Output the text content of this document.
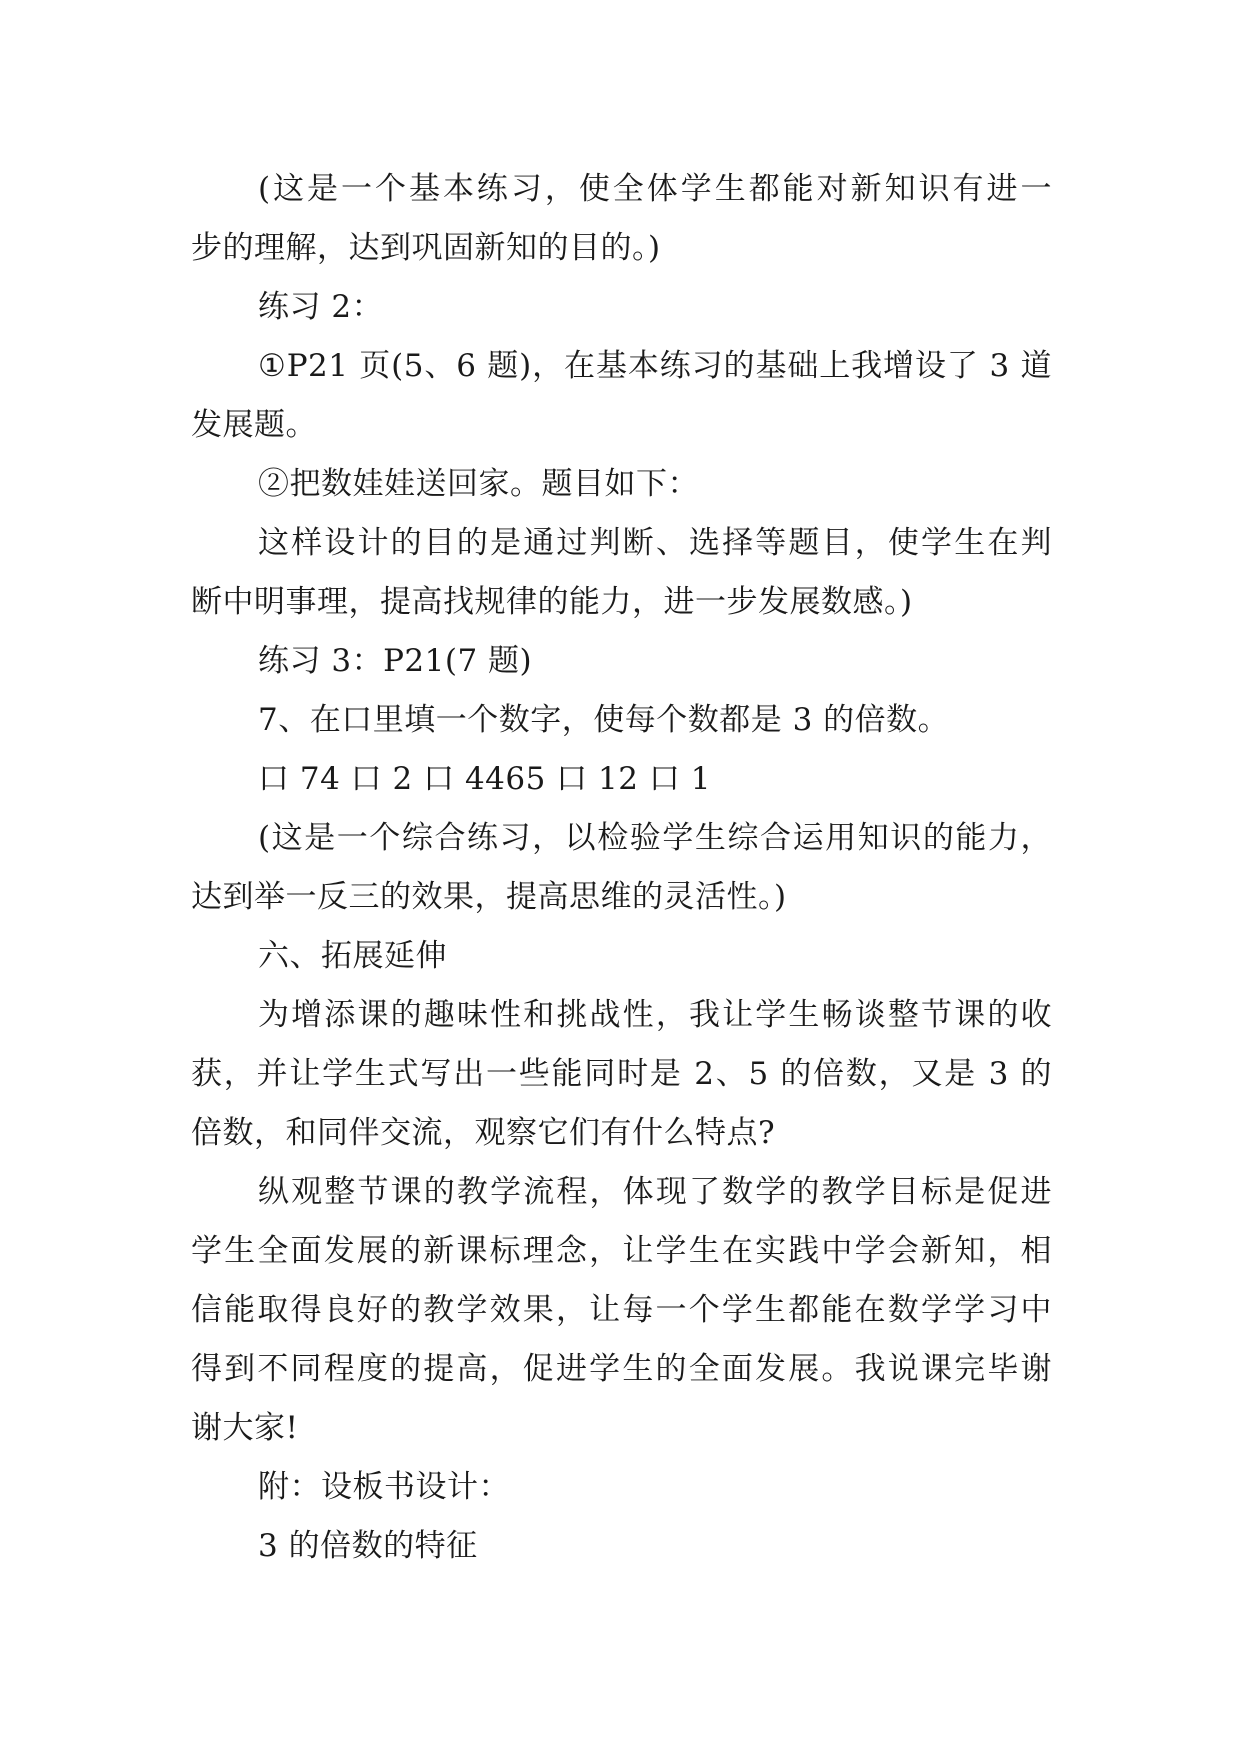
(这是一个基本练习，使全体学生都能对新知识有进一
步的理解，达到巩固新知的目的。)
练习 2：
①P21 页(5、6 题)，在基本练习的基础上我增设了 3 道
发展题。
②把数娃娃送回家。题目如下：
这样设计的目的是通过判断、选择等题目，使学生在判
断中明事理，提高找规律的能力，进一步发展数感。)
练习 3：P21(7 题)
7、在口里填一个数字，使每个数都是 3 的倍数。
口 74 口 2 口 4465 口 12 口 1
(这是一个综合练习，以检验学生综合运用知识的能力，
达到举一反三的效果，提高思维的灵活性。)
六、拓展延伸
为增添课的趣味性和挑战性，我让学生畅谈整节课的收
获，并让学生式写出一些能同时是 2、5 的倍数，又是 3 的
倍数，和同伴交流，观察它们有什么特点?
纵观整节课的教学流程，体现了数学的教学目标是促进
学生全面发展的新课标理念，让学生在实践中学会新知，相
信能取得良好的教学效果，让每一个学生都能在数学学习中
得到不同程度的提高，促进学生的全面发展。我说课完毕谢
谢大家!
附：设板书设计：
3 的倍数的特征
